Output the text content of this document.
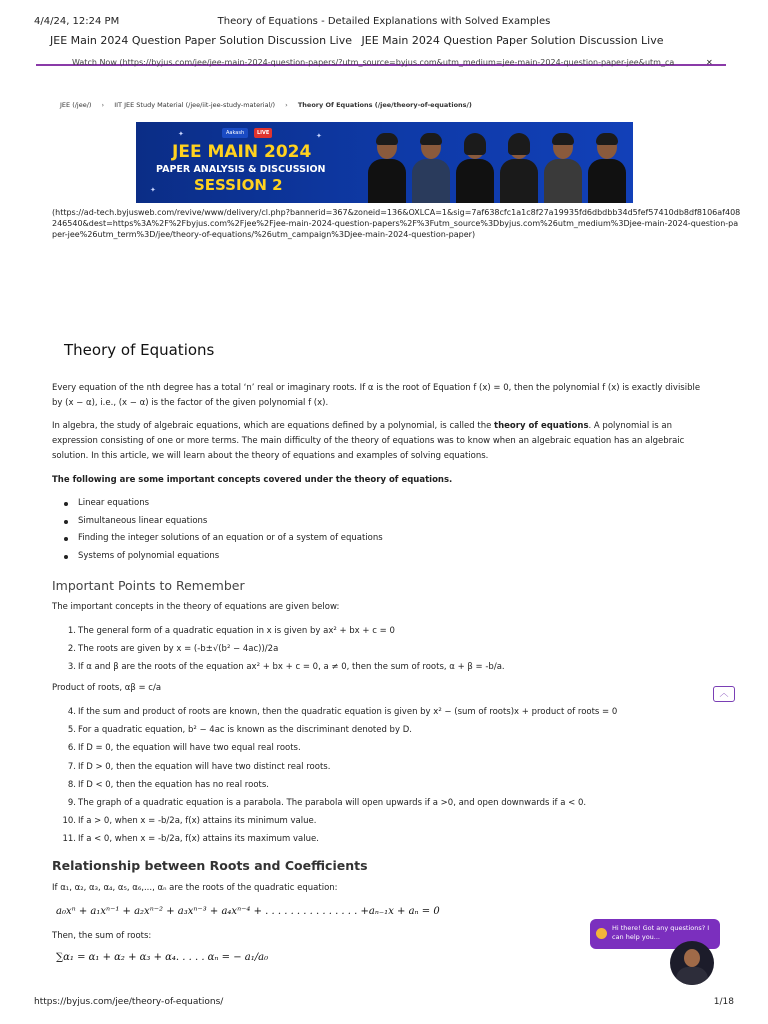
4/4/24, 12:24 PM	Theory of Equations - Detailed Explanations with Solved Examples
JEE Main 2024 Question Paper Solution Discussion Live JEE Main 2024 Question Paper Solution Discussion Live
Watch Now (https://byjus.com/jee/jee-main-2024-question-papers/?utm_source=byjus.com&utm_medium=jee-main-2024-question-paper-jee&utm_ca	✕
JEE (/jee/) › IIT JEE Study Material (/jee/iit-jee-study-material/) › Theory Of Equations (/jee/theory-of-equations/)
✦
✦
✦
Aakash	LIVE
JEE MAIN 2024
PAPER ANALYSIS & DISCUSSION
SESSION 2
(https://ad-tech.byjusweb.com/revive/www/delivery/cl.php?bannerid=367&zoneid=136&OXLCA=1&sig=7af638cfc1a1c8f27a19935fd6dbdbb34d5fef57410db8df8106af408246540&dest=https%3A%2F%2Fbyjus.com%2Fjee%2Fjee-main-2024-question-papers%2F%3Futm_source%3Dbyjus.com%26utm_medium%3Djee-main-2024-question-paper-jee%26utm_term%3D/jee/theory-of-equations/%26utm_campaign%3Djee-main-2024-question-paper)
Theory of Equations

Every equation of the nth degree has a total ‘n’ real or imaginary roots. If α is the root of Equation f (x) = 0, then the polynomial f (x) is exactly divisible by (x − α), i.e., (x − α) is the factor of the given polynomial f (x).

In algebra, the study of algebraic equations, which are equations defined by a polynomial, is called the theory of equations. A polynomial is an expression consisting of one or more terms. The main difficulty of the theory of equations was to know when an algebraic equation has an algebraic solution. In this article, we will learn about the theory of equations and examples of solving equations.

The following are some important concepts covered under the theory of equations.

Linear equations
Simultaneous linear equations
Finding the integer solutions of an equation or of a system of equations
Systems of polynomial equations
Important Points to Remember

The important concepts in the theory of equations are given below:

1. The general form of a quadratic equation in x is given by ax² + bx + c = 0
2. The roots are given by x = (-b±√(b² − 4ac))/2a
3. If α and β are the roots of the equation ax² + bx + c = 0, a ≠ 0, then the sum of roots, α + β = -b/a.

Product of roots, αβ = c/a

︿
4. If the sum and product of roots are known, then the quadratic equation is given by x² − (sum of roots)x + product of roots = 0
5. For a quadratic equation, b² − 4ac is known as the discriminant denoted by D.
6. If D = 0, the equation will have two equal real roots.
7. If D > 0, then the equation will have two distinct real roots.
8. If D < 0, then the equation has no real roots.
9. The graph of a quadratic equation is a parabola. The parabola will open upwards if a >0, and open downwards if a < 0.
10. If a > 0, when x = -b/2a, f(x) attains its minimum value.
11. If a < 0, when x = -b/2a, f(x) attains its maximum value.
Relationship between Roots and Coefficients

If α₁, α₂, α₃, α₄, α₅, α₆,..., αₙ are the roots of the quadratic equation:

a₀xⁿ + a₁xⁿ⁻¹ + a₂xⁿ⁻² + a₃xⁿ⁻³ + a₄xⁿ⁻⁴ + . . . . . . . . . . . . . . . +aₙ₋₁x + aₙ = 0

Then, the sum of roots:

∑α₁ = α₁ + α₂ + α₃ + α₄. . . . . αₙ = − a₁/a₀
Hi there! Got any questions? I can help you...
https://byjus.com/jee/theory-of-equations/	1/18
